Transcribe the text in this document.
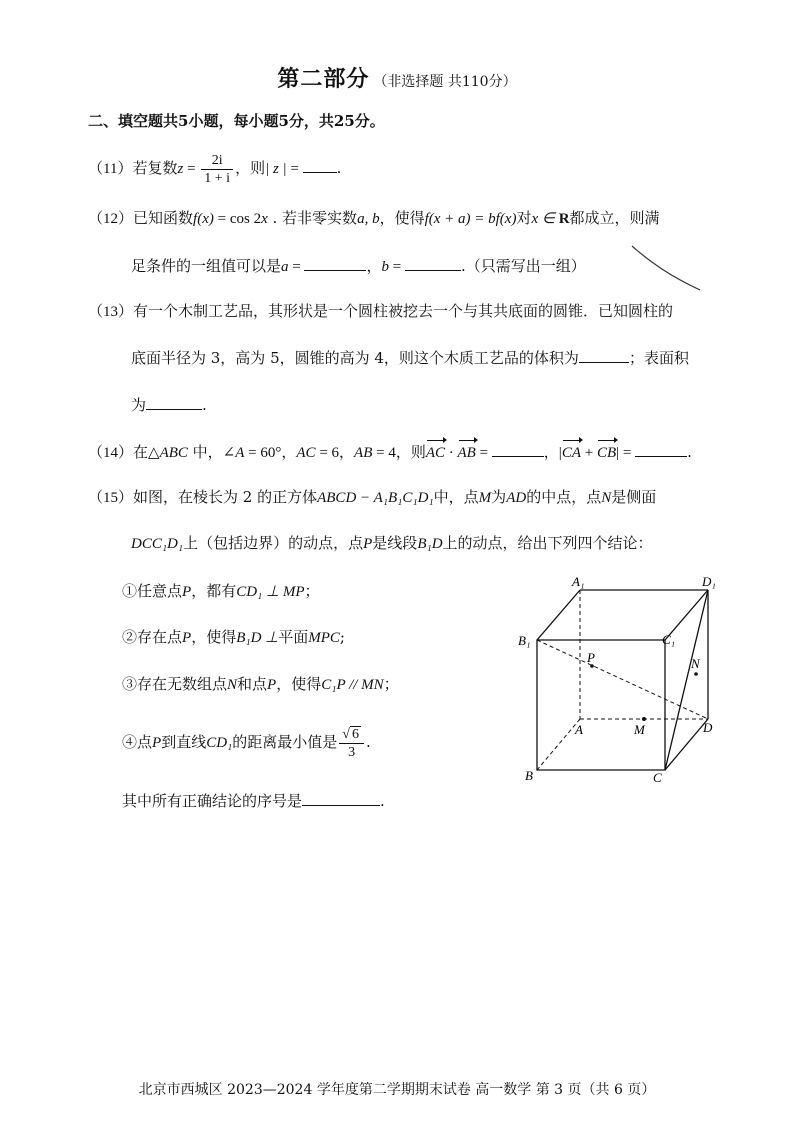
第二部分 （非选择题 共110分）
二、填空题共5小题，每小题5分，共25分。
（11）若复数$z = \frac{2i}{1 + i}$ ，则| z | = .
（12）已知函数f(x) = cos 2x . 若非零实数a, b，使得f(x + a) = bf(x)对x ∈ R都成立，则满
足条件的一组值可以是a =	，b =	.（只需写出一组）
（13）有一个木制工艺品，其形状是一个圆柱被挖去一个与其共底面的圆锥．已知圆柱的
底面半径为 3，高为 5，圆锥的高为 4，则这个木质工艺品的体积为	；表面积
为	.
（14）在△ABC 中，∠A = 60°，AC = 6，AB = 4，则AC · AB =	，|CA + CB| =	.
（15）如图，在棱长为 2 的正方体ABCD − A₁B₁C₁D₁中，点M为AD的中点，点N是侧面
DCC₁D₁上（包括边界）的动点，点P是线段B₁D上的动点，给出下列四个结论：
①任意点P，都有CD₁ ⊥ MP；
②存在点P，使得B₁D ⊥平面MPC;
③存在无数组点N和点P，使得C₁P // MN；
④点P到直线CD₁的距离最小值是 $\frac{√ 6}{3}$ .
其中所有正确结论的序号是	.
A₁	D₁
B₁	C₁
P	N
A	M	D
B	C
北京市西城区 2023—2024 学年度第二学期期末试卷 高一数学 第 3 页（共 6 页）
